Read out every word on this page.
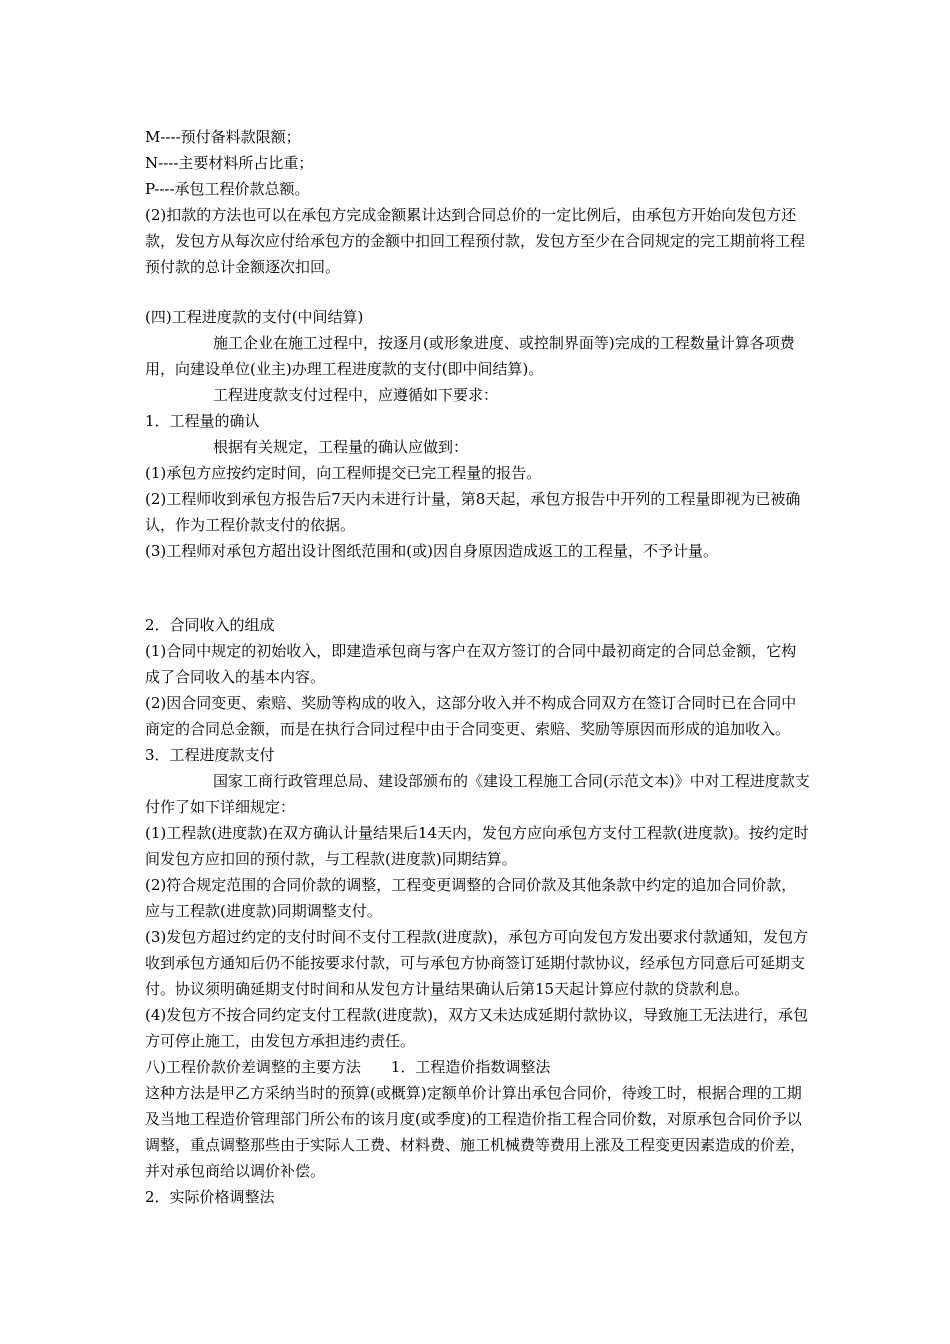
M----预付备料款限额；

N----主要材料所占比重；

P----承包工程价款总额。

(2)扣款的方法也可以在承包方完成金额累计达到合同总价的一定比例后，由承包方开始向发包方还款，发包方从每次应付给承包方的金额中扣回工程预付款，发包方至少在合同规定的完工期前将工程预付款的总计金额逐次扣回。

(四)工程进度款的支付(中间结算)

施工企业在施工过程中，按逐月(或形象进度、或控制界面等)完成的工程数量计算各项费用，向建设单位(业主)办理工程进度款的支付(即中间结算)。

工程进度款支付过程中，应遵循如下要求：

1．工程量的确认

根据有关规定，工程量的确认应做到：

(1)承包方应按约定时间，向工程师提交已完工程量的报告。

(2)工程师收到承包方报告后7天内未进行计量，第8天起，承包方报告中开列的工程量即视为已被确认，作为工程价款支付的依据。

(3)工程师对承包方超出设计图纸范围和(或)因自身原因造成返工的工程量，不予计量。

2．合同收入的组成

(1)合同中规定的初始收入，即建造承包商与客户在双方签订的合同中最初商定的合同总金额，它构成了合同收入的基本内容。

(2)因合同变更、索赔、奖励等构成的收入，这部分收入并不构成合同双方在签订合同时已在合同中商定的合同总金额，而是在执行合同过程中由于合同变更、索赔、奖励等原因而形成的追加收入。

3．工程进度款支付

国家工商行政管理总局、建设部颁布的《建设工程施工合同(示范文本)》中对工程进度款支付作了如下详细规定：

(1)工程款(进度款)在双方确认计量结果后14天内，发包方应向承包方支付工程款(进度款)。按约定时间发包方应扣回的预付款，与工程款(进度款)同期结算。

(2)符合规定范围的合同价款的调整，工程变更调整的合同价款及其他条款中约定的追加合同价款，应与工程款(进度款)同期调整支付。

(3)发包方超过约定的支付时间不支付工程款(进度款)，承包方可向发包方发出要求付款通知，发包方收到承包方通知后仍不能按要求付款，可与承包方协商签订延期付款协议，经承包方同意后可延期支付。协议须明确延期支付时间和从发包方计量结果确认后第15天起计算应付款的贷款利息。

(4)发包方不按合同约定支付工程款(进度款)，双方又未达成延期付款协议，导致施工无法进行，承包方可停止施工，由发包方承担违约责任。

八)工程价款价差调整的主要方法　　1．工程造价指数调整法

这种方法是甲乙方采纳当时的预算(或概算)定额单价计算出承包合同价，待竣工时，根据合理的工期及当地工程造价管理部门所公布的该月度(或季度)的工程造价指工程合同价数，对原承包合同价予以调整，重点调整那些由于实际人工费、材料费、施工机械费等费用上涨及工程变更因素造成的价差，并对承包商给以调价补偿。

2．实际价格调整法
